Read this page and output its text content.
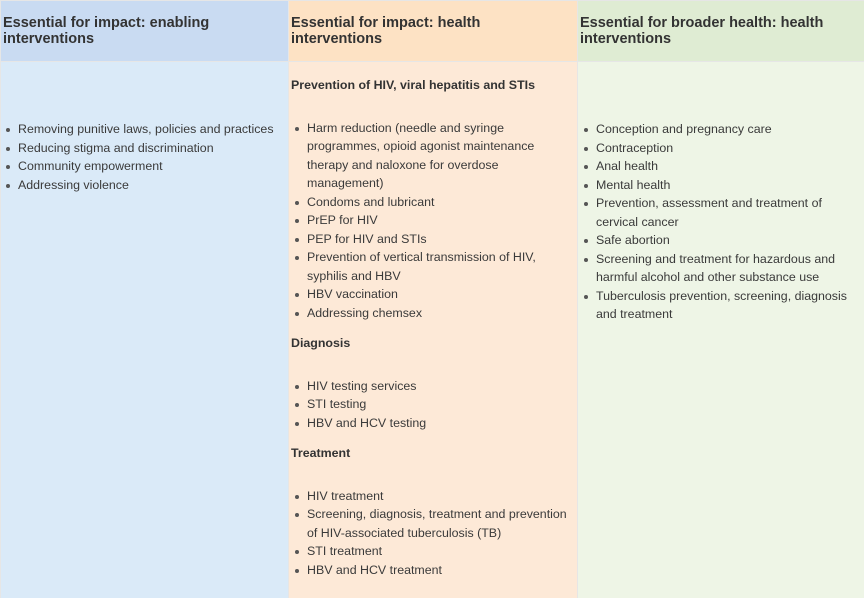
Essential for impact: enabling interventions
Essential for impact: health interventions
Essential for broader health: health interventions
Removing punitive laws, policies and practices
Reducing stigma and discrimination
Community empowerment
Addressing violence

Prevention of HIV, viral hepatitis and STIs

Harm reduction (needle and syringe programmes, opioid agonist maintenance therapy and naloxone for overdose management)
Condoms and lubricant
PrEP for HIV
PEP for HIV and STIs
Prevention of vertical transmission of HIV, syphilis and HBV
HBV vaccination
Addressing chemsex

Diagnosis

HIV testing services
STI testing
HBV and HCV testing

Treatment

HIV treatment
Screening, diagnosis, treatment and prevention of HIV-associated tuberculosis (TB)
STI treatment
HBV and HCV treatment
Conception and pregnancy care
Contraception
Anal health
Mental health
Prevention, assessment and treatment of cervical cancer
Safe abortion
Screening and treatment for hazardous and harmful alcohol and other substance use
Tuberculosis prevention, screening, diagnosis and treatment
